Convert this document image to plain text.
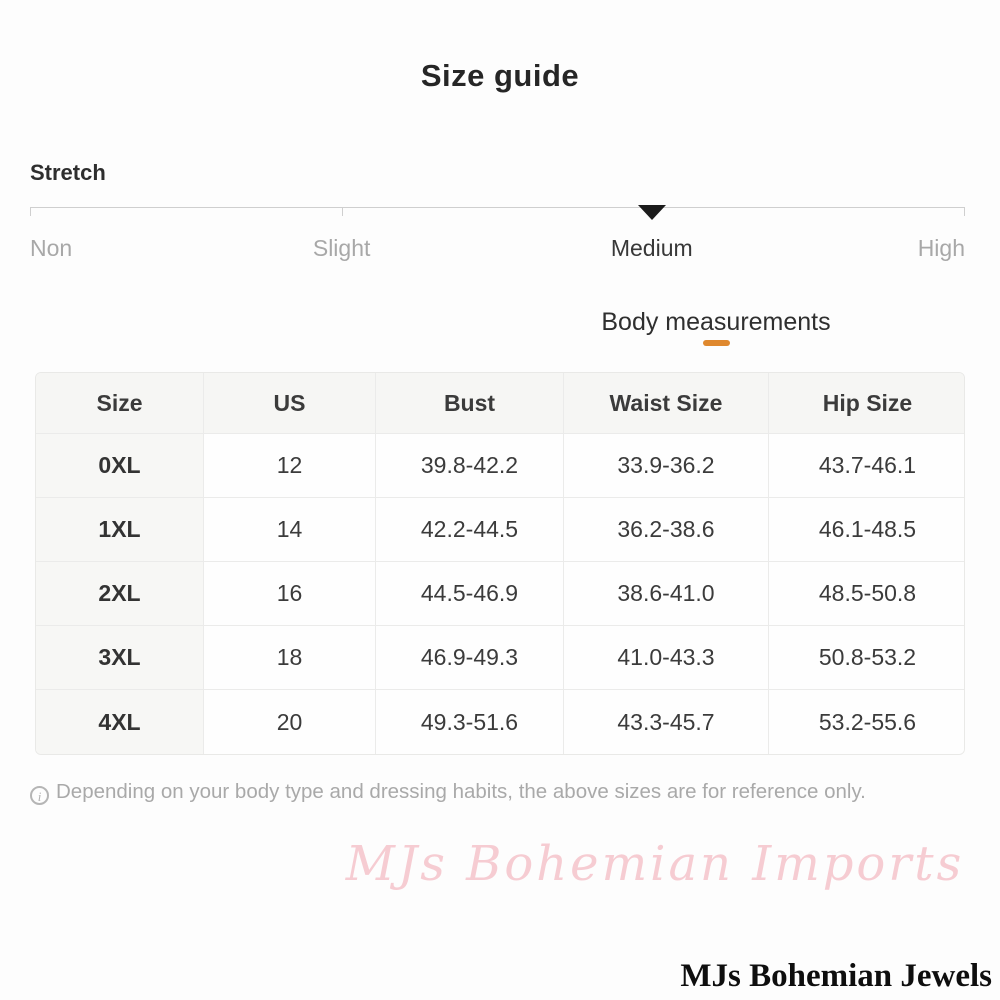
Size guide
Stretch
Non	Slight	Medium	High
Body measurements
Size	US	Bust	Waist Size	Hip Size
0XL	12	39.8-42.2	33.9-36.2	43.7-46.1
1XL	14	42.2-44.5	36.2-38.6	46.1-48.5
2XL	16	44.5-46.9	38.6-41.0	48.5-50.8
3XL	18	46.9-49.3	41.0-43.3	50.8-53.2
4XL	20	49.3-51.6	43.3-45.7	53.2-55.6
i Depending on your body type and dressing habits, the above sizes are for reference only.
MJs Bohemian Imports
MJs Bohemian Jewels
